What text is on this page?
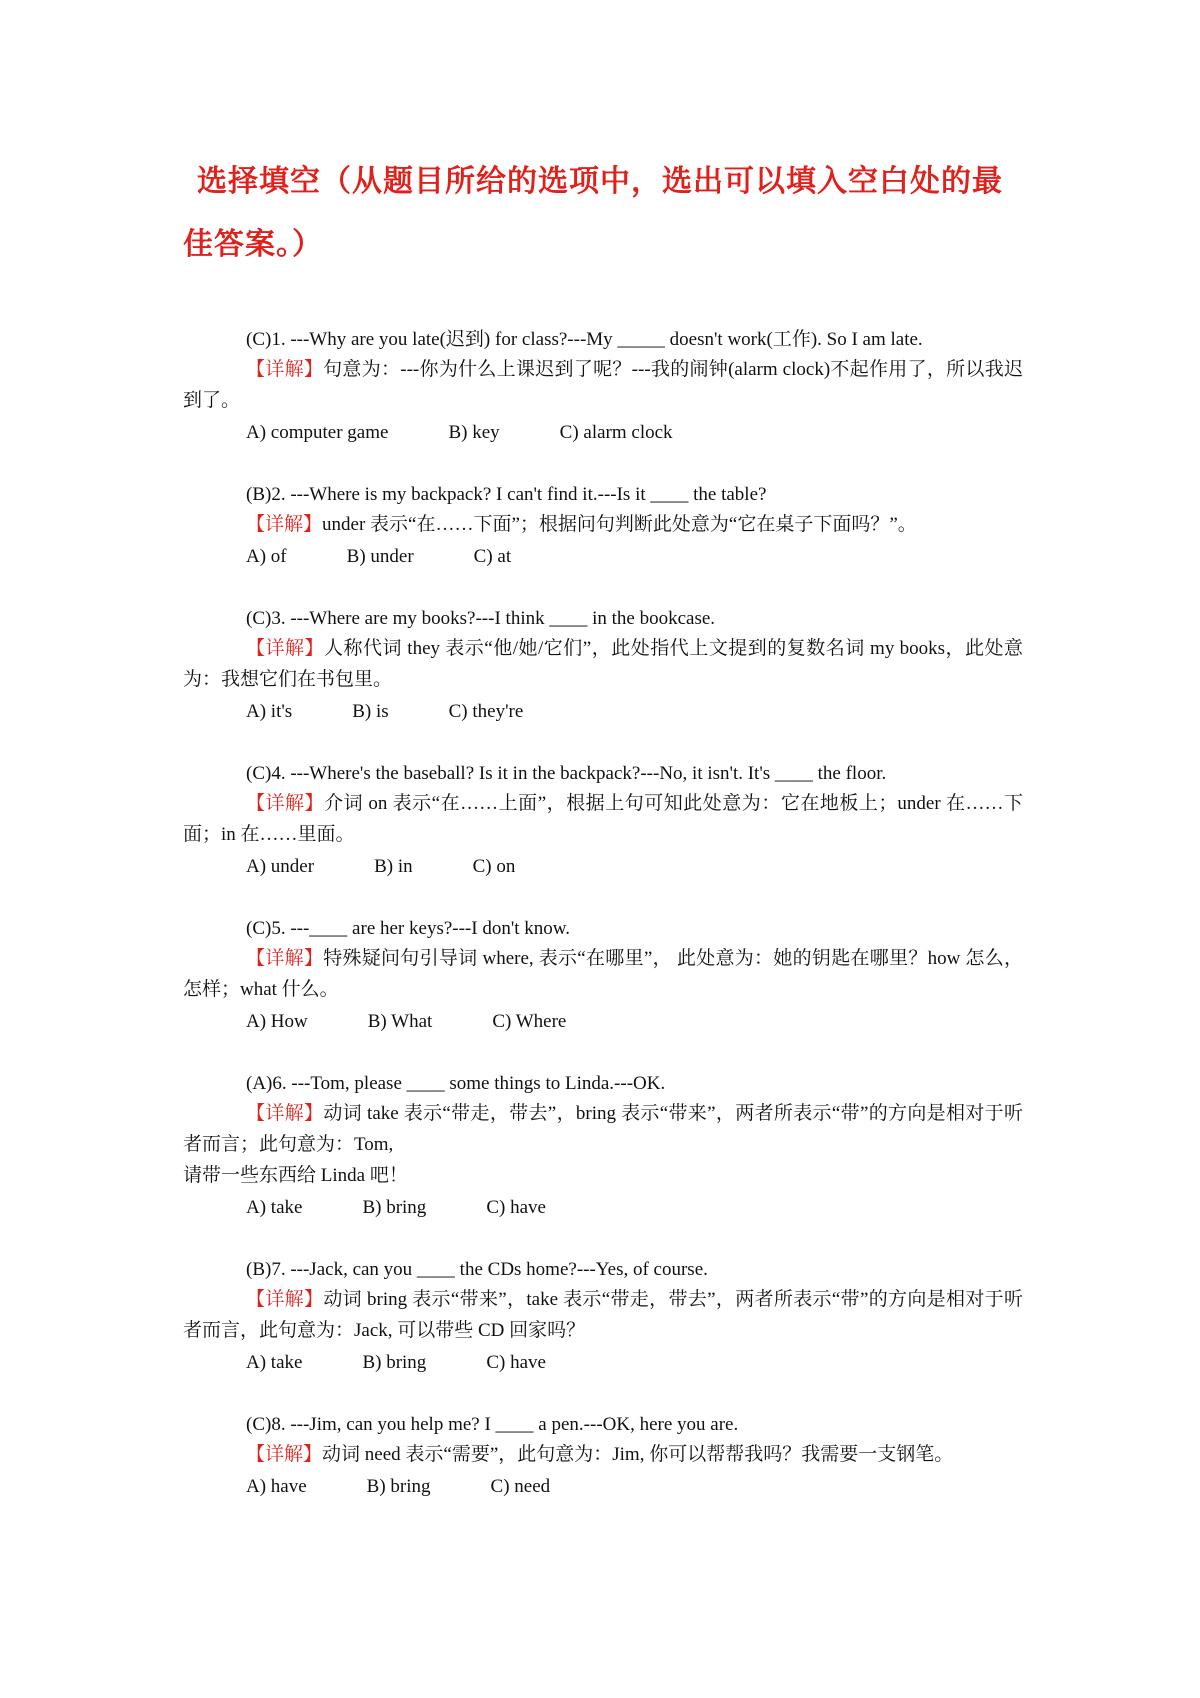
选择填空（从题目所给的选项中，选出可以填入空白处的最佳答案。）
(C)1. ---Why are you late(迟到) for class?---My _____ doesn't work(工作). So I am late.
【详解】句意为：---你为什么上课迟到了呢？---我的闹钟(alarm clock)不起作用了，所以我迟到了。
A) computer game	B) key	C) alarm clock
(B)2. ---Where is my backpack? I can't find it.---Is it ____ the table?
【详解】under 表示“在……下面”；根据问句判断此处意为“它在桌子下面吗？”。
A) of	B) under	C) at
(C)3. ---Where are my books?---I think ____ in the bookcase.
【详解】人称代词 they 表示“他/她/它们”，此处指代上文提到的复数名词 my books，此处意为：我想它们在书包里。
A) it's	B) is	C) they're
(C)4. ---Where's the baseball? Is it in the backpack?---No, it isn't. It's ____ the floor.
【详解】介词 on 表示“在……上面”，根据上句可知此处意为：它在地板上；under 在……下面；in 在……里面。
A) under	B) in	C) on
(C)5. ---____ are her keys?---I don't know.
【详解】特殊疑问句引导词 where, 表示“在哪里”， 此处意为：她的钥匙在哪里？how 怎么，怎样；what 什么。
A) How	B) What	C) Where
(A)6. ---Tom, please ____ some things to Linda.---OK.
【详解】动词 take 表示“带走，带去”，bring 表示“带来”，两者所表示“带”的方向是相对于听者而言；此句意为：Tom,
请带一些东西给 Linda 吧！
A) take	B) bring	C) have
(B)7. ---Jack, can you ____ the CDs home?---Yes, of course.
【详解】动词 bring 表示“带来”，take 表示“带走，带去”，两者所表示“带”的方向是相对于听者而言，此句意为：Jack, 可以带些 CD 回家吗？
A) take	B) bring	C) have
(C)8. ---Jim, can you help me? I ____ a pen.---OK, here you are.
【详解】动词 need 表示“需要”，此句意为：Jim, 你可以帮帮我吗？我需要一支钢笔。
A) have	B) bring	C) need
